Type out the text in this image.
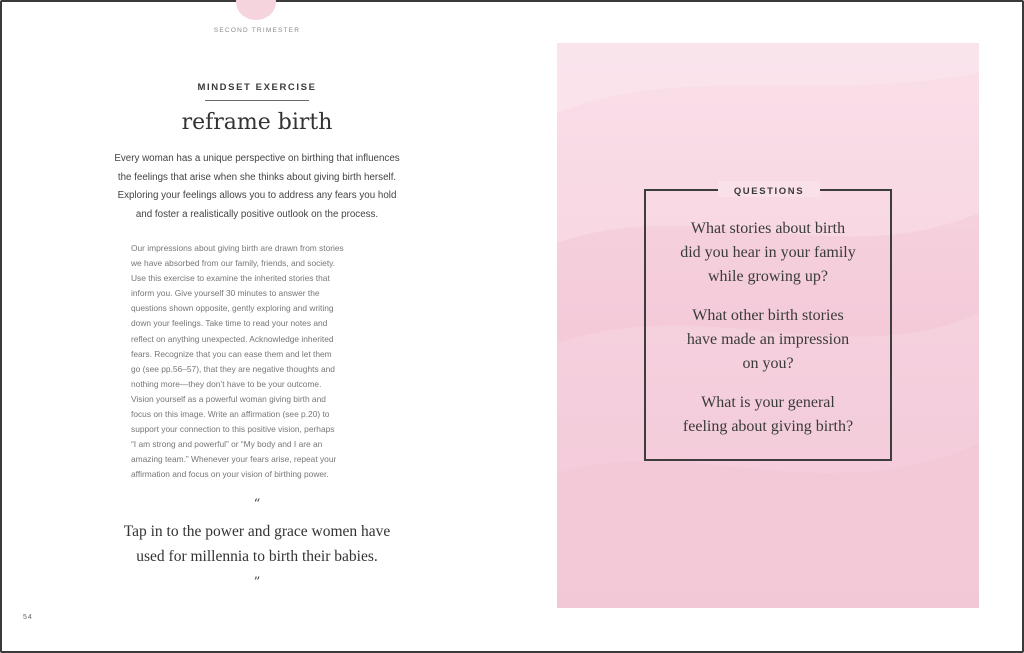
SECOND TRIMESTER
MINDSET EXERCISE
reframe birth
Every woman has a unique perspective on birthing that influences
the feelings that arise when she thinks about giving birth herself.
Exploring your feelings allows you to address any fears you hold
and foster a realistically positive outlook on the process.
Our impressions about giving birth are drawn from stories
we have absorbed from our family, friends, and society.
Use this exercise to examine the inherited stories that
inform you. Give yourself 30 minutes to answer the
questions shown opposite, gently exploring and writing
down your feelings. Take time to read your notes and
reflect on anything unexpected. Acknowledge inherited
fears. Recognize that you can ease them and let them
go (see pp.56–57), that they are negative thoughts and
nothing more—they don’t have to be your outcome.
Vision yourself as a powerful woman giving birth and
focus on this image. Write an affirmation (see p.20) to
support your connection to this positive vision, perhaps
“I am strong and powerful” or “My body and I are an
amazing team.” Whenever your fears arise, repeat your
affirmation and focus on your vision of birthing power.
“
Tap in to the power and grace women have
used for millennia to birth their babies.
”
54
QUESTIONS
What stories about birth
did you hear in your family
while growing up?
What other birth stories
have made an impression
on you?
What is your general
feeling about giving birth?
